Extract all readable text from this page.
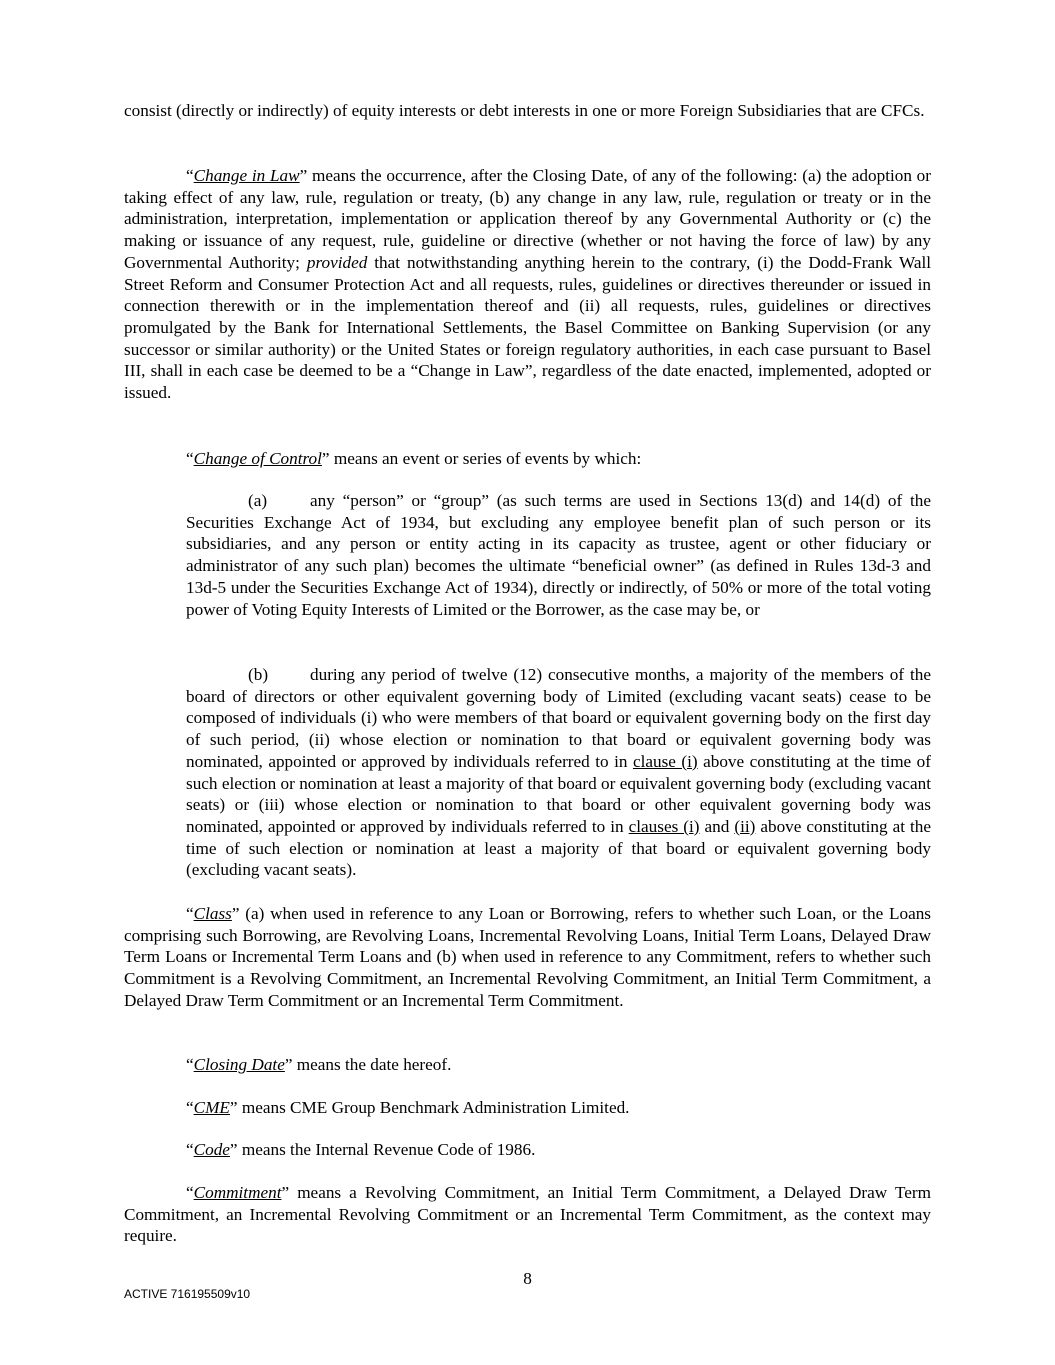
consist (directly or indirectly) of equity interests or debt interests in one or more Foreign Subsidiaries that are CFCs.

“Change in Law” means the occurrence, after the Closing Date, of any of the following: (a) the adoption or taking effect of any law, rule, regulation or treaty, (b) any change in any law, rule, regulation or treaty or in the administration, interpretation, implementation or application thereof by any Governmental Authority or (c) the making or issuance of any request, rule, guideline or directive (whether or not having the force of law) by any Governmental Authority; provided that notwithstanding anything herein to the contrary, (i) the Dodd-Frank Wall Street Reform and Consumer Protection Act and all requests, rules, guidelines or directives thereunder or issued in connection therewith or in the implementation thereof and (ii) all requests, rules, guidelines or directives promulgated by the Bank for International Settlements, the Basel Committee on Banking Supervision (or any successor or similar authority) or the United States or foreign regulatory authorities, in each case pursuant to Basel III, shall in each case be deemed to be a “Change in Law”, regardless of the date enacted, implemented, adopted or issued.

“Change of Control” means an event or series of events by which:

(a) any “person” or “group” (as such terms are used in Sections 13(d) and 14(d) of the Securities Exchange Act of 1934, but excluding any employee benefit plan of such person or its subsidiaries, and any person or entity acting in its capacity as trustee, agent or other fiduciary or administrator of any such plan) becomes the ultimate “beneficial owner” (as defined in Rules 13d-3 and 13d-5 under the Securities Exchange Act of 1934), directly or indirectly, of 50% or more of the total voting power of Voting Equity Interests of Limited or the Borrower, as the case may be, or

(b) during any period of twelve (12) consecutive months, a majority of the members of the board of directors or other equivalent governing body of Limited (excluding vacant seats) cease to be composed of individuals (i) who were members of that board or equivalent governing body on the first day of such period, (ii) whose election or nomination to that board or equivalent governing body was nominated, appointed or approved by individuals referred to in clause (i) above constituting at the time of such election or nomination at least a majority of that board or equivalent governing body (excluding vacant seats) or (iii) whose election or nomination to that board or other equivalent governing body was nominated, appointed or approved by individuals referred to in clauses (i) and (ii) above constituting at the time of such election or nomination at least a majority of that board or equivalent governing body (excluding vacant seats).

“Class” (a) when used in reference to any Loan or Borrowing, refers to whether such Loan, or the Loans comprising such Borrowing, are Revolving Loans, Incremental Revolving Loans, Initial Term Loans, Delayed Draw Term Loans or Incremental Term Loans and (b) when used in reference to any Commitment, refers to whether such Commitment is a Revolving Commitment, an Incremental Revolving Commitment, an Initial Term Commitment, a Delayed Draw Term Commitment or an Incremental Term Commitment.

“Closing Date” means the date hereof.

“CME” means CME Group Benchmark Administration Limited.

“Code” means the Internal Revenue Code of 1986.

“Commitment” means a Revolving Commitment, an Initial Term Commitment, a Delayed Draw Term Commitment, an Incremental Revolving Commitment or an Incremental Term Commitment, as the context may require.

8

ACTIVE 716195509v10
